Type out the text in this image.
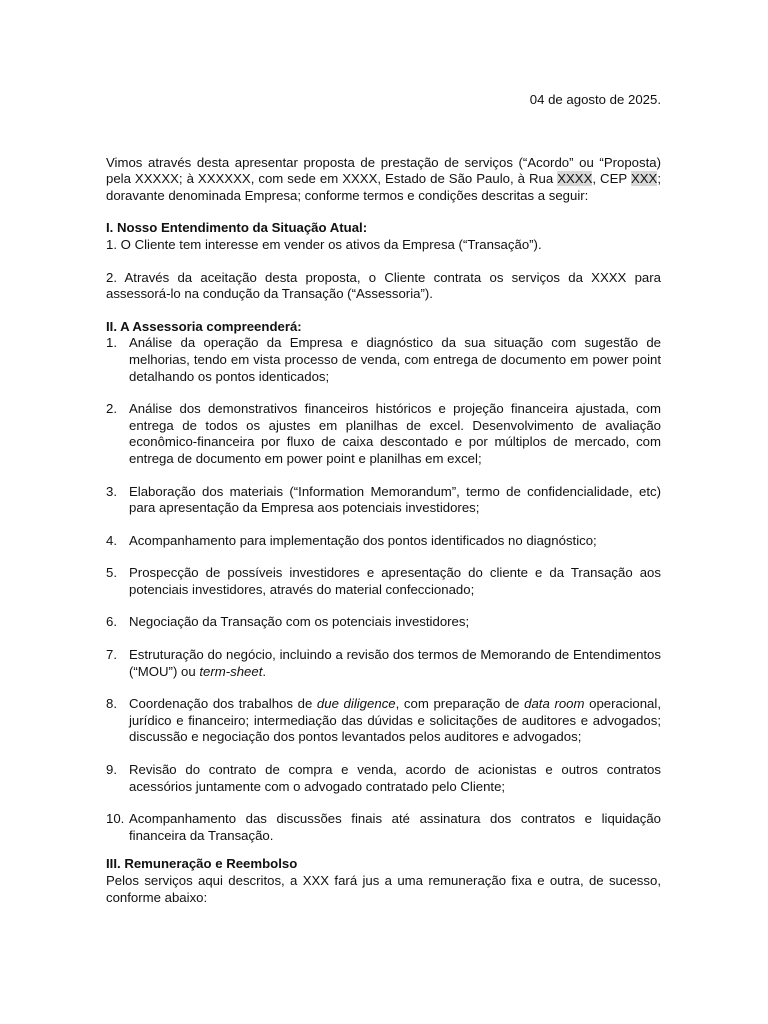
04 de agosto de 2025.

Vimos através desta apresentar proposta de prestação de serviços (“Acordo” ou “Proposta) pela XXXXX; à XXXXXX, com sede em XXXX, Estado de São Paulo, à Rua XXXX, CEP XXX; doravante denominada Empresa; conforme termos e condições descritas a seguir:

I. Nosso Entendimento da Situação Atual:

1. O Cliente tem interesse em vender os ativos da Empresa (“Transação”).

2. Através da aceitação desta proposta, o Cliente contrata os serviços da XXXX para assessorá-lo na condução da Transação (“Assessoria”).

II. A Assessoria compreenderá:

1. Análise da operação da Empresa e diagnóstico da sua situação com sugestão de melhorias, tendo em vista processo de venda, com entrega de documento em power point detalhando os pontos identicados;
2. Análise dos demonstrativos financeiros históricos e projeção financeira ajustada, com entrega de todos os ajustes em planilhas de excel. Desenvolvimento de avaliação econômico-financeira por fluxo de caixa descontado e por múltiplos de mercado, com entrega de documento em power point e planilhas em excel;
3. Elaboração dos materiais (“Information Memorandum”, termo de confidencialidade, etc) para apresentação da Empresa aos potenciais investidores;
4. Acompanhamento para implementação dos pontos identificados no diagnóstico;
5. Prospecção de possíveis investidores e apresentação do cliente e da Transação aos potenciais investidores, através do material confeccionado;
6. Negociação da Transação com os potenciais investidores;
7. Estruturação do negócio, incluindo a revisão dos termos de Memorando de Entendimentos (“MOU”) ou term-sheet.
8. Coordenação dos trabalhos de due diligence, com preparação de data room operacional, jurídico e financeiro; intermediação das dúvidas e solicitações de auditores e advogados; discussão e negociação dos pontos levantados pelos auditores e advogados;
9. Revisão do contrato de compra e venda, acordo de acionistas e outros contratos acessórios juntamente com o advogado contratado pelo Cliente;
10. Acompanhamento das discussões finais até assinatura dos contratos e liquidação financeira da Transação.

III. Remuneração e Reembolso

Pelos serviços aqui descritos, a XXX fará jus a uma remuneração fixa e outra, de sucesso, conforme abaixo:
